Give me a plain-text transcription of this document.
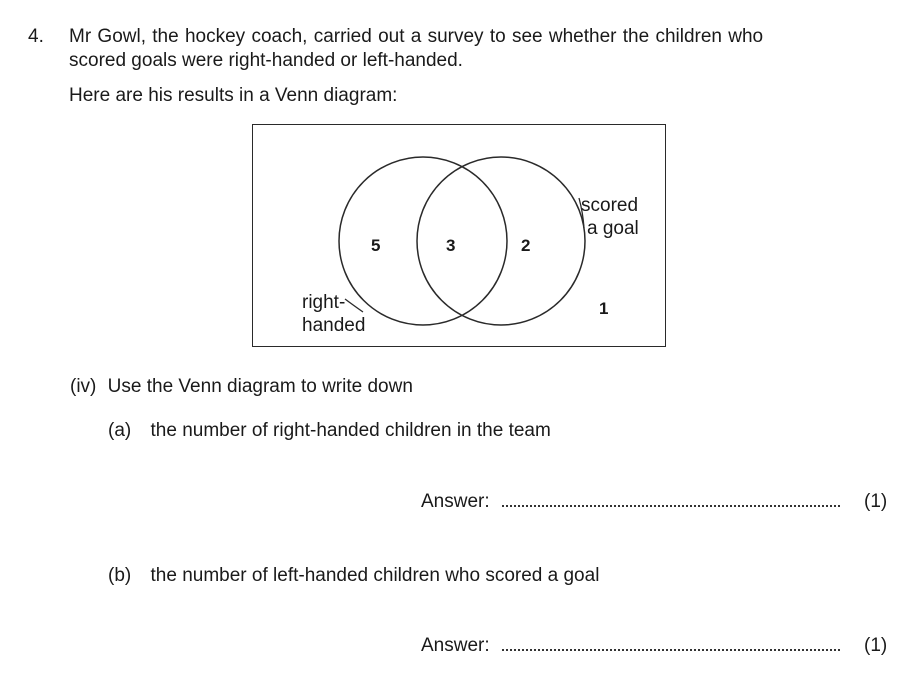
4. Mr Gowl, the hockey coach, carried out a survey to see whether the children who
scored goals were right-handed or left-handed.
Here are his results in a Venn diagram:
5	3	2
1
right-
handed
scored
a goal
(iv) Use the Venn diagram to write down
(a) the number of right-handed children in the team
Answer:	(1)
(b) the number of left-handed children who scored a goal
Answer:	(1)
